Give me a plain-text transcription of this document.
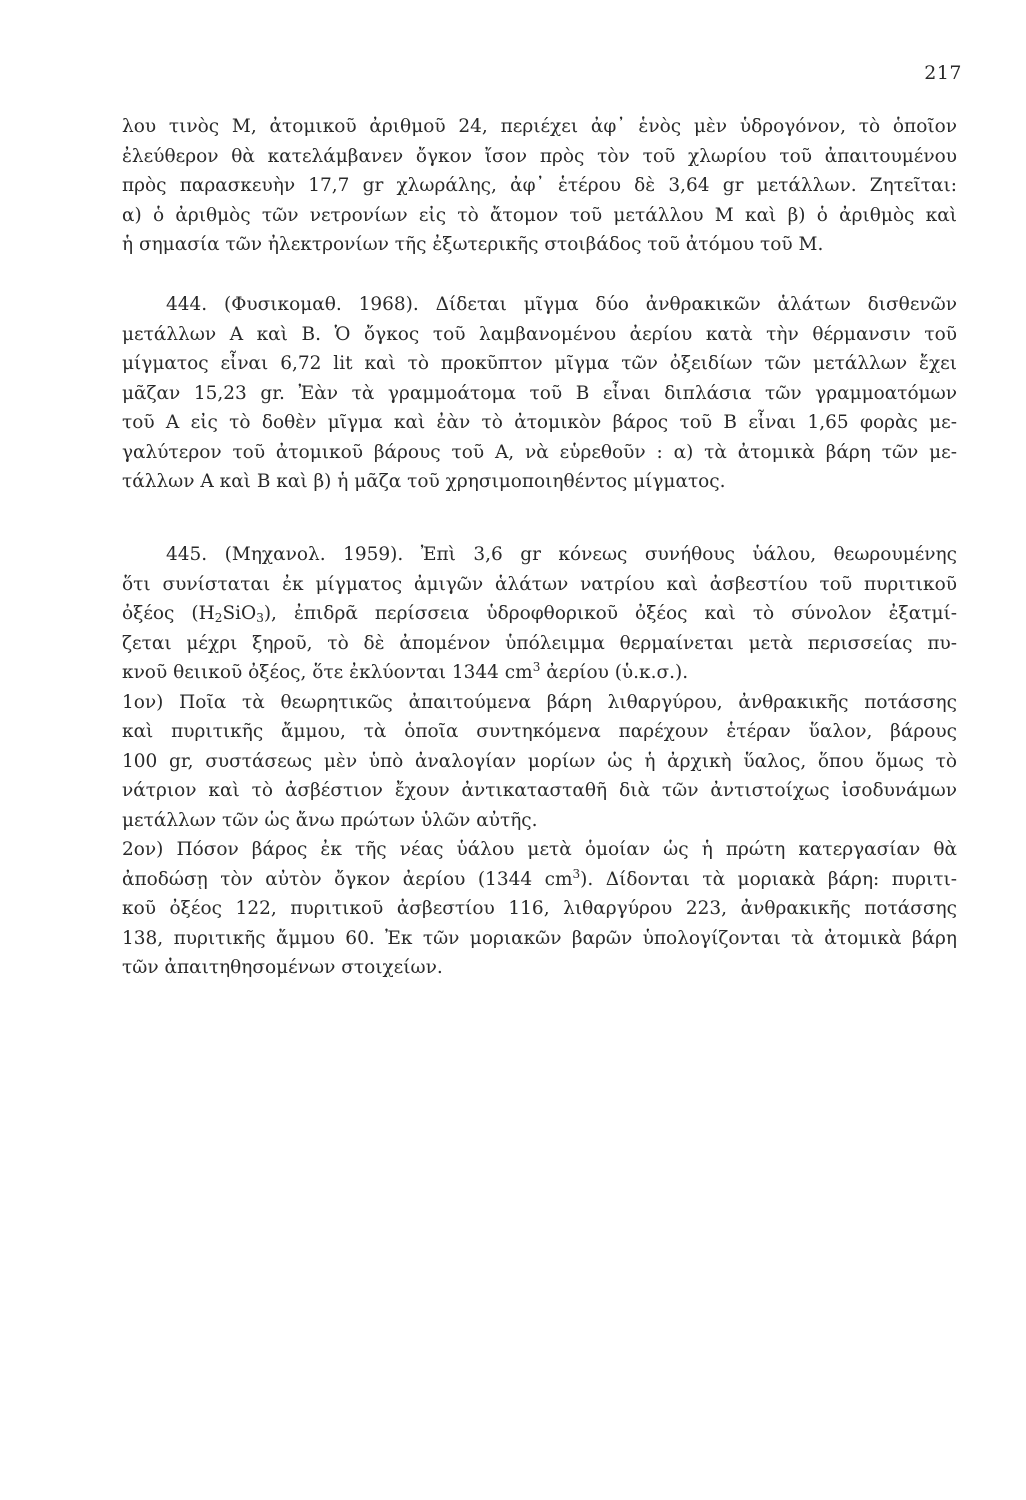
217
λου τινὸς M, ἀτομικοῦ ἀριθμοῦ 24, περιέχει ἀφ᾽ ἑνὸς μὲν ὑδρογόνον, τὸ ὁποῖον
ἐλεύθερον θὰ κατελάμβανεν ὄγκον ἴσον πρὸς τὸν τοῦ χλωρίου τοῦ ἀπαιτουμένου
πρὸς παρασκευὴν 17,7 gr χλωράλης, ἀφ᾽ ἑτέρου δὲ 3,64 gr μετάλλων. Ζητεῖται:
α) ὁ ἀριθμὸς τῶν νετρονίων εἰς τὸ ἄτομον τοῦ μετάλλου M καὶ β) ὁ ἀριθμὸς καὶ
ἡ σημασία τῶν ἠλεκτρονίων τῆς ἐξωτερικῆς στοιβάδος τοῦ ἀτόμου τοῦ M.
444. (Φυσικομαθ. 1968). Δίδεται μῖγμα δύο ἀνθρακικῶν ἁλάτων δισθενῶν
μετάλλων A καὶ B. Ὁ ὄγκος τοῦ λαμβανομένου ἀερίου κατὰ τὴν θέρμανσιν τοῦ
μίγματος εἶναι 6,72 lit καὶ τὸ προκῦπτον μῖγμα τῶν ὀξειδίων τῶν μετάλλων ἔχει
μᾶζαν 15,23 gr. Ἐὰν τὰ γραμμοάτομα τοῦ B εἶναι διπλάσια τῶν γραμμοατόμων
τοῦ A εἰς τὸ δοθὲν μῖγμα καὶ ἐὰν τὸ ἀτομικὸν βάρος τοῦ B εἶναι 1,65 φορὰς με-
γαλύτερον τοῦ ἀτομικοῦ βάρους τοῦ A, νὰ εὑρεθοῦν : α) τὰ ἀτομικὰ βάρη τῶν με-
τάλλων A καὶ B καὶ β) ἡ μᾶζα τοῦ χρησιμοποιηθέντος μίγματος.
445. (Μηχανολ. 1959). Ἐπὶ 3,6 gr κόνεως συνήθους ὑάλου, θεωρουμένης
ὅτι συνίσταται ἐκ μίγματος ἀμιγῶν ἁλάτων νατρίου καὶ ἀσβεστίου τοῦ πυριτικοῦ
ὀξέος $(H_2SiO_3)$, ἐπιδρᾶ περίσσεια ὑδροφθορικοῦ ὀξέος καὶ τὸ σύνολον ἐξατμί-
ζεται μέχρι ξηροῦ, τὸ δὲ ἀπομένον ὑπόλειμμα θερμαίνεται μετὰ περισσείας πυ-
κνοῦ θειικοῦ ὀξέος, ὅτε ἐκλύονται 1344 $cm^3$ ἀερίου (ὑ.κ.σ.).
1ον) Ποῖα τὰ θεωρητικῶς ἀπαιτούμενα βάρη λιθαργύρου, ἀνθρακικῆς ποτάσσης
καὶ πυριτικῆς ἄμμου, τὰ ὁποῖα συντηκόμενα παρέχουν ἑτέραν ὕαλον, βάρους
100 gr, συστάσεως μὲν ὑπὸ ἀναλογίαν μορίων ὡς ἡ ἀρχικὴ ὕαλος, ὅπου ὅμως τὸ
νάτριον καὶ τὸ ἀσβέστιον ἔχουν ἀντικατασταθῆ διὰ τῶν ἀντιστοίχως ἰσοδυνάμων
μετάλλων τῶν ὡς ἄνω πρώτων ὑλῶν αὐτῆς.
2ον) Πόσον βάρος ἐκ τῆς νέας ὑάλου μετὰ ὁμοίαν ὡς ἡ πρώτη κατεργασίαν θὰ
ἀποδώσῃ τὸν αὐτὸν ὄγκον ἀερίου (1344 $cm^3$). Δίδονται τὰ μοριακὰ βάρη: πυριτι-
κοῦ ὀξέος 122, πυριτικοῦ ἀσβεστίου 116, λιθαργύρου 223, ἀνθρακικῆς ποτάσσης
138, πυριτικῆς ἄμμου 60. Ἐκ τῶν μοριακῶν βαρῶν ὑπολογίζονται τὰ ἀτομικὰ βάρη
τῶν ἀπαιτηθησομένων στοιχείων.
